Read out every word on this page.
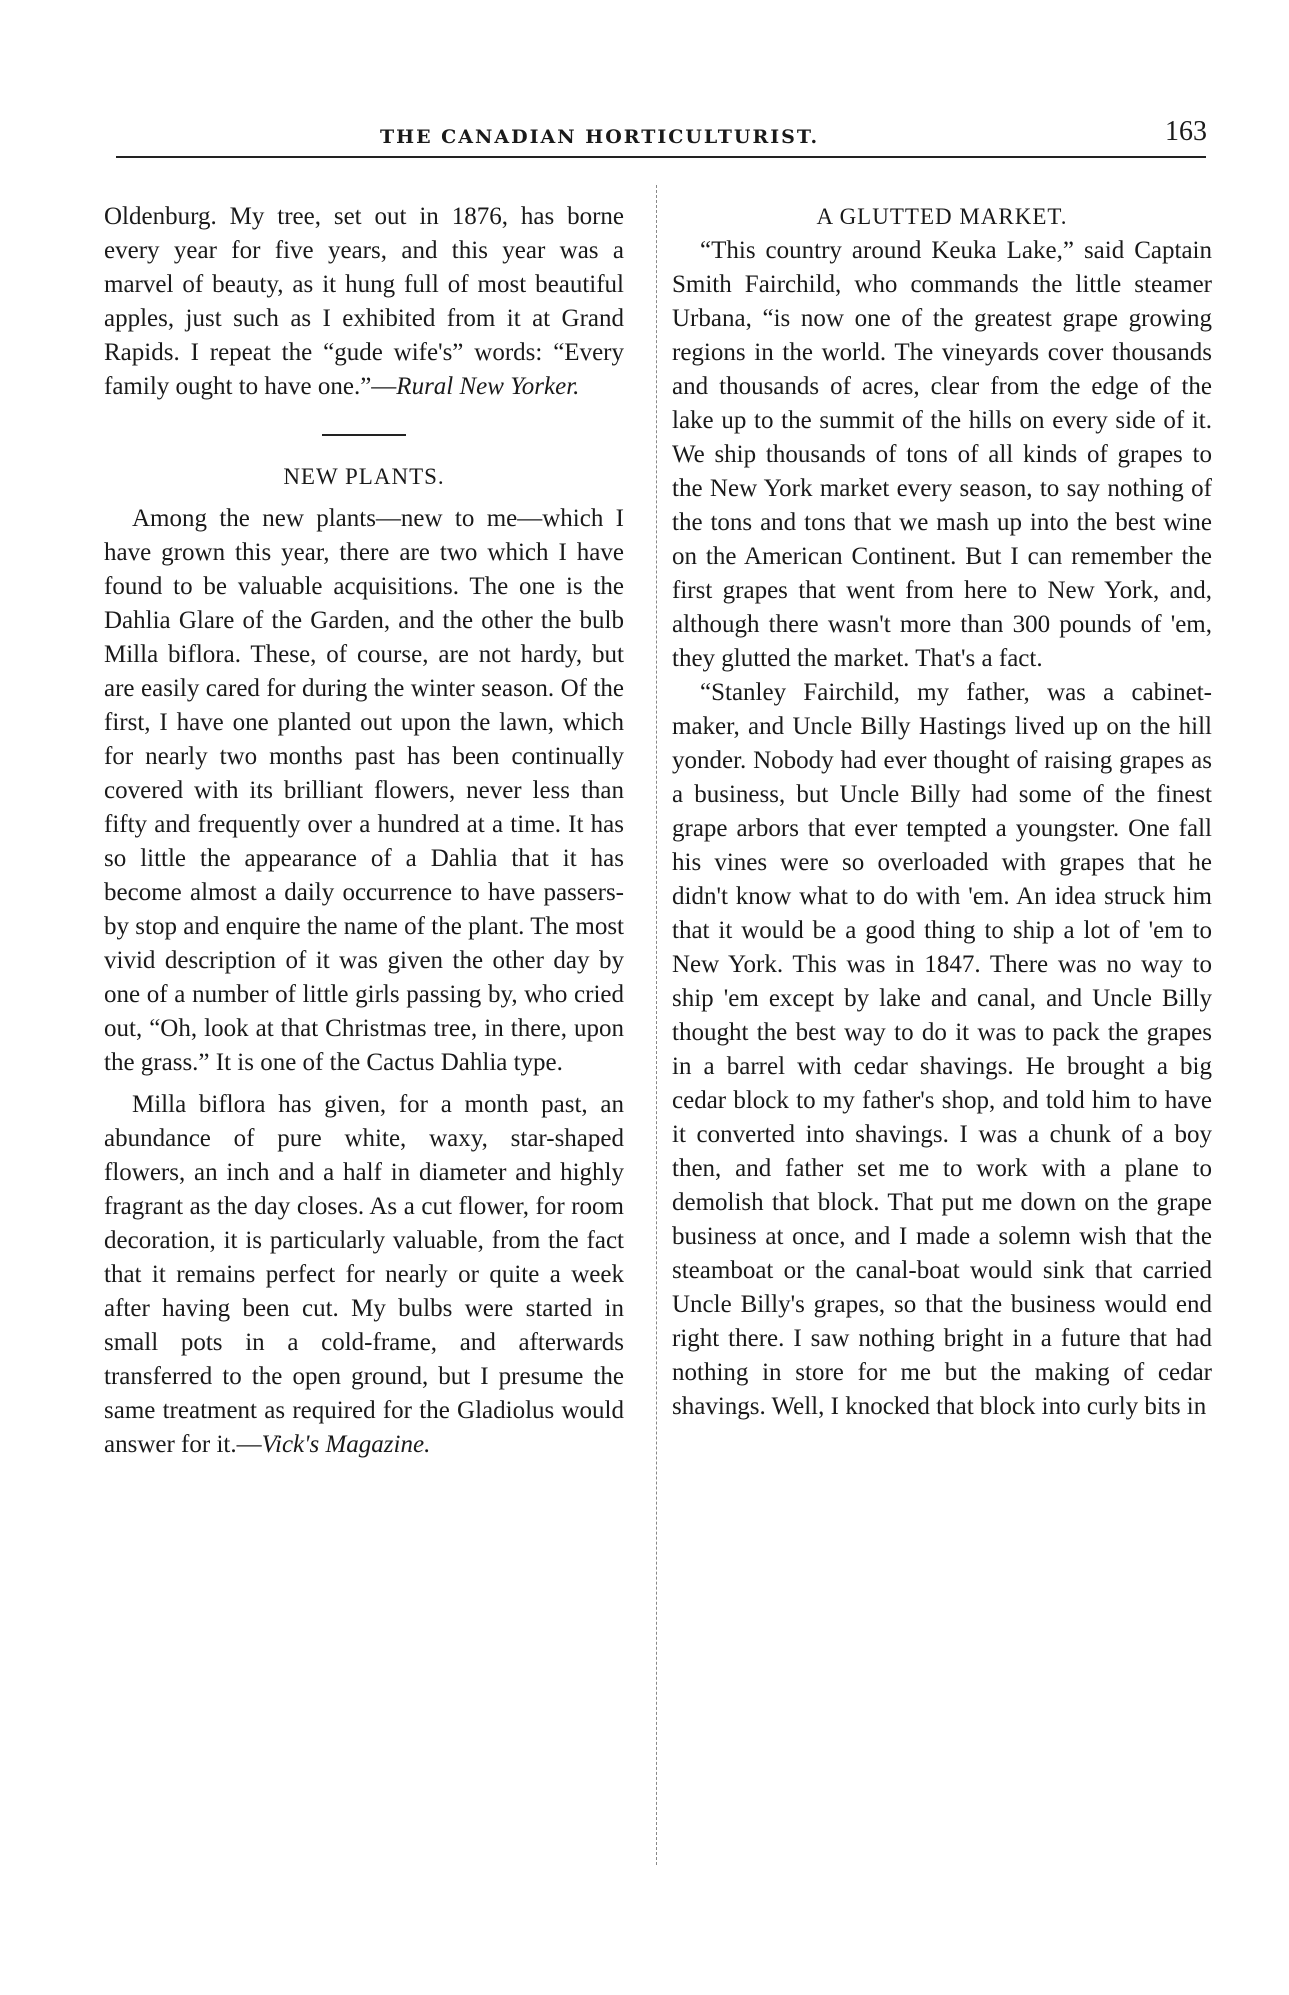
THE CANADIAN HORTICULTURIST.	163

Oldenburg. My tree, set out in 1876, has borne every year for five years, and this year was a marvel of beauty, as it hung full of most beautiful apples, just such as I exhibited from it at Grand Rapids. I repeat the “gude wife's” words: “Every family ought to have one.”—Rural New Yorker.

NEW PLANTS.

Among the new plants—new to me—which I have grown this year, there are two which I have found to be valuable acquisitions. The one is the Dahlia Glare of the Garden, and the other the bulb Milla biflora. These, of course, are not hardy, but are easily cared for during the winter season. Of the first, I have one planted out upon the lawn, which for nearly two months past has been continually covered with its brilliant flowers, never less than fifty and frequently over a hundred at a time. It has so little the appearance of a Dahlia that it has become almost a daily occurrence to have passers-by stop and enquire the name of the plant. The most vivid description of it was given the other day by one of a number of little girls passing by, who cried out, “Oh, look at that Christmas tree, in there, upon the grass.” It is one of the Cactus Dahlia type.

Milla biflora has given, for a month past, an abundance of pure white, waxy, star-shaped flowers, an inch and a half in diameter and highly fragrant as the day closes. As a cut flower, for room decoration, it is particularly valuable, from the fact that it remains perfect for nearly or quite a week after having been cut. My bulbs were started in small pots in a cold-frame, and afterwards transferred to the open ground, but I presume the same treatment as required for the Gladiolus would answer for it.—Vick's Magazine.

A GLUTTED MARKET.

“This country around Keuka Lake,” said Captain Smith Fairchild, who commands the little steamer Urbana, “is now one of the greatest grape growing regions in the world. The vineyards cover thousands and thousands of acres, clear from the edge of the lake up to the summit of the hills on every side of it. We ship thousands of tons of all kinds of grapes to the New York market every season, to say nothing of the tons and tons that we mash up into the best wine on the American Continent. But I can remember the first grapes that went from here to New York, and, although there wasn't more than 300 pounds of 'em, they glutted the market. That's a fact.

“Stanley Fairchild, my father, was a cabinet-maker, and Uncle Billy Hastings lived up on the hill yonder. Nobody had ever thought of raising grapes as a business, but Uncle Billy had some of the finest grape arbors that ever tempted a youngster. One fall his vines were so overloaded with grapes that he didn't know what to do with 'em. An idea struck him that it would be a good thing to ship a lot of 'em to New York. This was in 1847. There was no way to ship 'em except by lake and canal, and Uncle Billy thought the best way to do it was to pack the grapes in a barrel with cedar shavings. He brought a big cedar block to my father's shop, and told him to have it converted into shavings. I was a chunk of a boy then, and father set me to work with a plane to demolish that block. That put me down on the grape business at once, and I made a solemn wish that the steamboat or the canal-boat would sink that carried Uncle Billy's grapes, so that the business would end right there. I saw nothing bright in a future that had nothing in store for me but the making of cedar shavings. Well, I knocked that block into curly bits in
